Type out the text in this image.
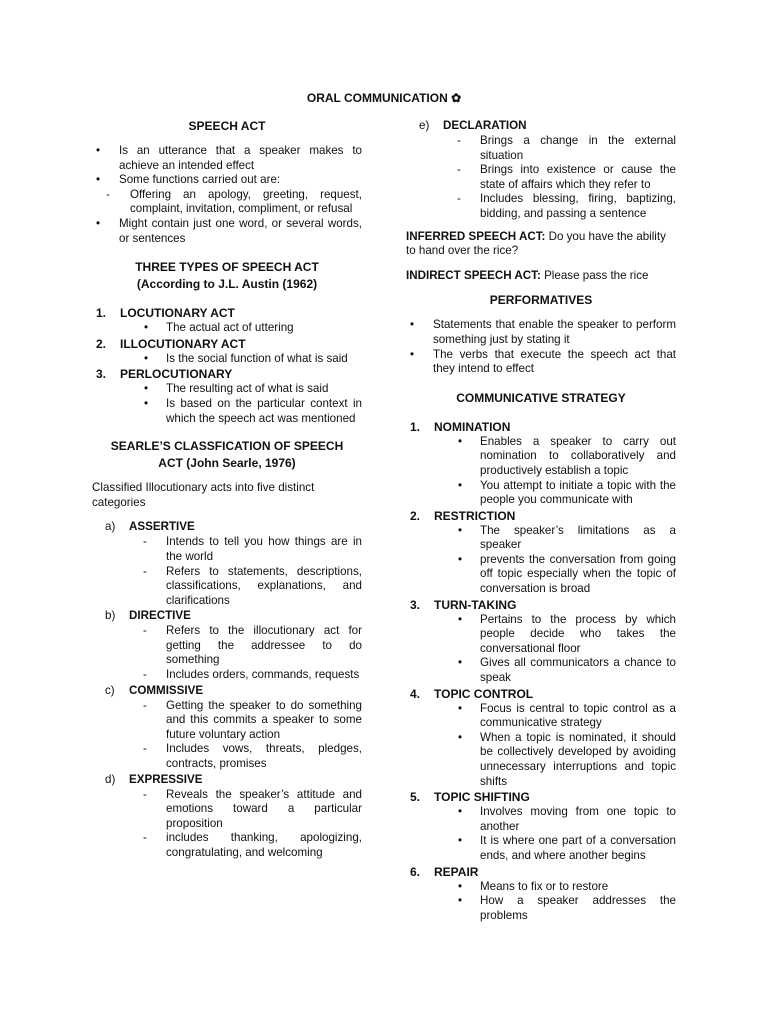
ORAL COMMUNICATION ✿
SPEECH ACT
• Is an utterance that a speaker makes to achieve an intended effect
• Some functions carried out are:
- Offering an apology, greeting, request, complaint, invitation, compliment, or refusal
• Might contain just one word, or several words, or sentences
THREE TYPES OF SPEECH ACT
(According to J.L. Austin (1962)
1. LOCUTIONARY ACT
• The actual act of uttering
2. ILLOCUTIONARY ACT
• Is the social function of what is said
3. PERLOCUTIONARY
• The resulting act of what is said
• Is based on the particular context in which the speech act was mentioned
SEARLE’S CLASSFICATION OF SPEECH
ACT (John Searle, 1976)
Classified Illocutionary acts into five distinct categories
a) ASSERTIVE
- Intends to tell you how things are in the world
- Refers to statements, descriptions, classifications, explanations, and clarifications
b) DIRECTIVE
- Refers to the illocutionary act for getting the addressee to do something
- Includes orders, commands, requests
c) COMMISSIVE
- Getting the speaker to do something and this commits a speaker to some future voluntary action
- Includes vows, threats, pledges, contracts, promises
d) EXPRESSIVE
- Reveals the speaker’s attitude and emotions toward a particular proposition
- includes thanking, apologizing, congratulating, and welcoming
e) DECLARATION
- Brings a change in the external situation
- Brings into existence or cause the state of affairs which they refer to
- Includes blessing, firing, baptizing, bidding, and passing a sentence
INFERRED SPEECH ACT: Do you have the ability to hand over the rice?
INDIRECT SPEECH ACT: Please pass the rice
PERFORMATIVES
• Statements that enable the speaker to perform something just by stating it
• The verbs that execute the speech act that they intend to effect
COMMUNICATIVE STRATEGY
1. NOMINATION
• Enables a speaker to carry out nomination to collaboratively and productively establish a topic
• You attempt to initiate a topic with the people you communicate with
2. RESTRICTION
• The speaker’s limitations as a speaker
• prevents the conversation from going off topic especially when the topic of conversation is broad
3. TURN-TAKING
• Pertains to the process by which people decide who takes the conversational floor
• Gives all communicators a chance to speak
4. TOPIC CONTROL
• Focus is central to topic control as a communicative strategy
• When a topic is nominated, it should be collectively developed by avoiding unnecessary interruptions and topic shifts
5. TOPIC SHIFTING
• Involves moving from one topic to another
• It is where one part of a conversation ends, and where another begins
6. REPAIR
• Means to fix or to restore
• How a speaker addresses the problems
